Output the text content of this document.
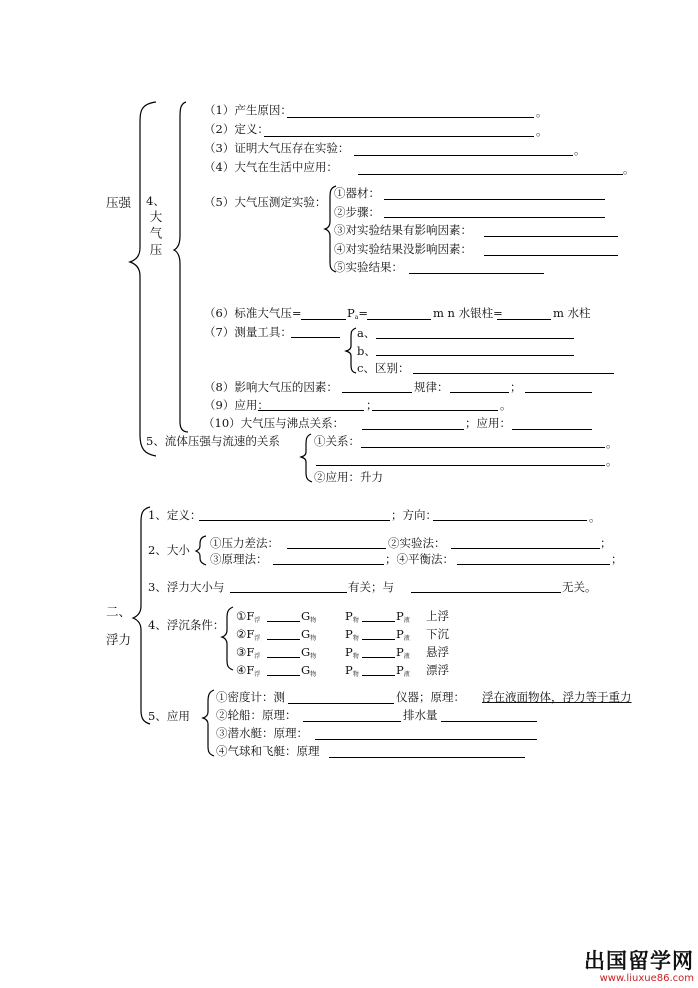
压强 4、
大气压
（1）产生原因：	。
（2）定义：	。
（3）证明大气压存在实验：	。
（4）大气在生活中应用：	。
（5）大气压测定实验：
①器材：
②步骤：
③对实验结果有影响因素：
④对实验结果没影响因素：
⑤实验结果：
（6）标准大气压=	$P_a=$	m n 水银柱=	m 水柱
（7）测量工具：	a、
b、
c、区别：
（8）影响大气压的因素：	规律：	；
（9）应用：	；	。
（10）大气压与沸点关系：	；应用：
5、流体压强与流速的关系	①关系：	。
。
②应用：升力
二、浮力
1、定义：	；方向：	。
2、大小 ①压力差法：	②实验法：	；
③原理法：	；④平衡法：	；
3、浮力大小与	有关；与	无关。
4、浮沉条件：
$①F_浮$	$G_物$	$P_物$	$P_液$ 上浮
$②F_浮$	$G_物$	$P_物$	$P_液$ 下沉
$③F_浮$	$G_物$	$P_物$	$P_液$ 悬浮
$④F_浮$	$G_物$	$P_物$	$P_液$ 漂浮
5、应用
①密度计：测	仪器；原理： 浮在液面物体，浮力等于重力
②轮船：原理：	排水量
③潜水艇：原理：
④气球和飞艇：原理
出国留学网
www.liuxue86.com
